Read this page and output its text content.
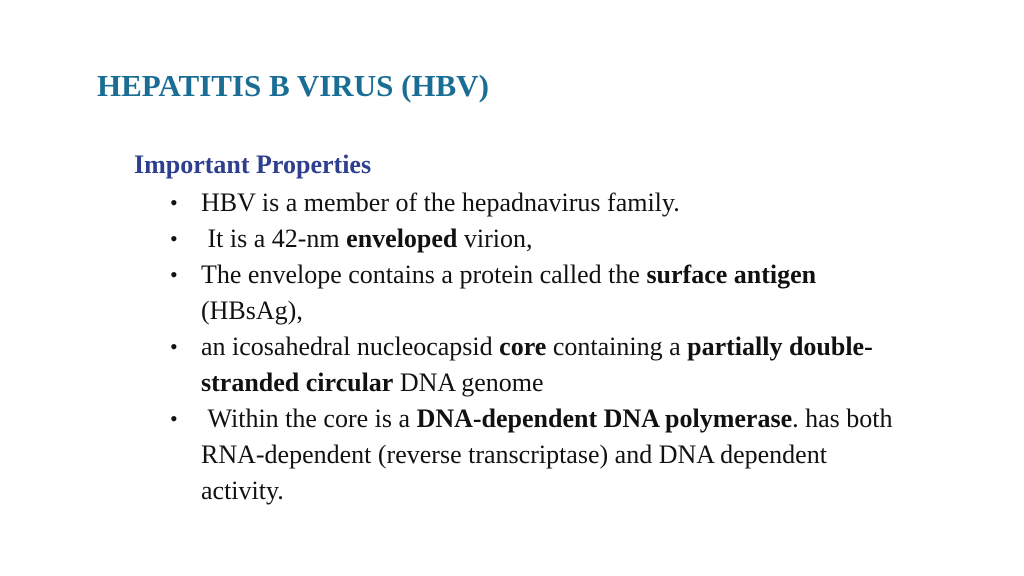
HEPATITIS B VIRUS (HBV)
Important Properties
• HBV is a member of the hepadnavirus family.
• It is a 42-nm enveloped virion,
• The envelope contains a protein called the surface antigen (HBsAg),
• an icosahedral nucleocapsid core containing a partially double-stranded circular DNA genome
• Within the core is a DNA-dependent DNA polymerase. has both RNA-dependent (reverse transcriptase) and DNA dependent activity.
